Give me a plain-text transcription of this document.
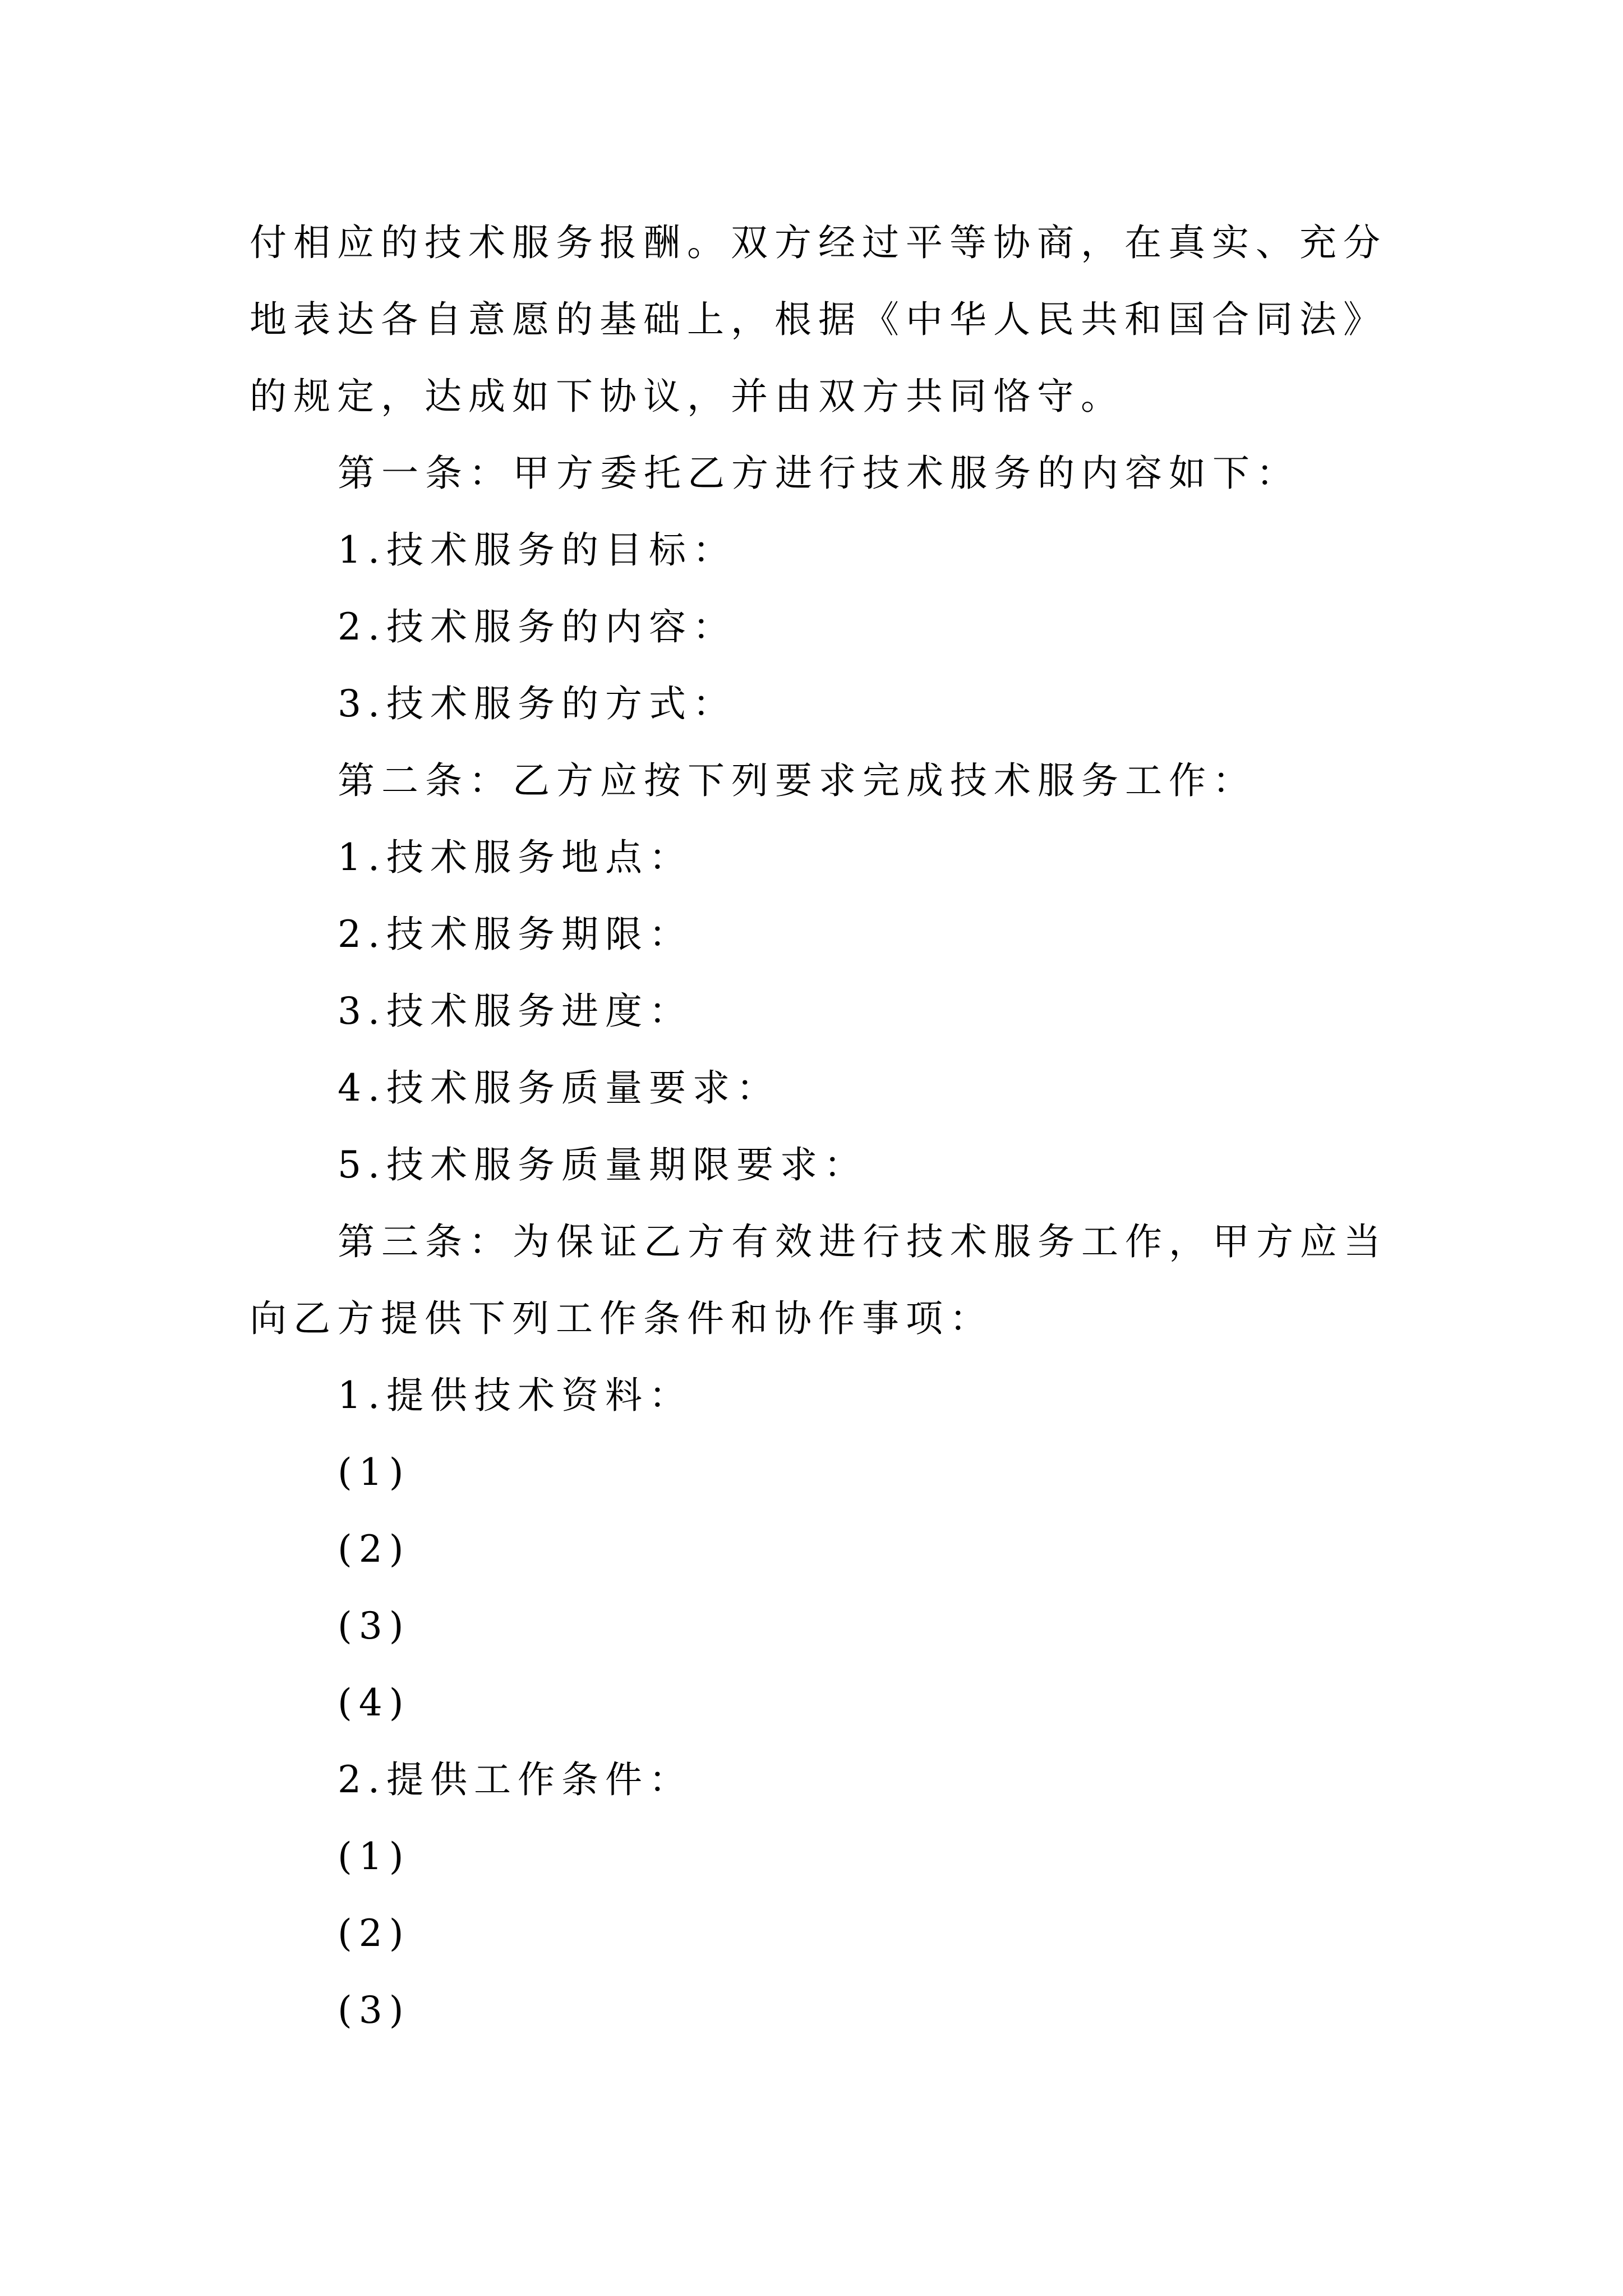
付相应的技术服务报酬。双方经过平等协商，在真实、充分
地表达各自意愿的基础上，根据《中华人民共和国合同法》
的规定，达成如下协议，并由双方共同恪守。
第一条：甲方委托乙方进行技术服务的内容如下：
1.技术服务的目标：
2.技术服务的内容：
3.技术服务的方式：
第二条：乙方应按下列要求完成技术服务工作：
1.技术服务地点：
2.技术服务期限：
3.技术服务进度：
4.技术服务质量要求：
5.技术服务质量期限要求：
第三条：为保证乙方有效进行技术服务工作，甲方应当
向乙方提供下列工作条件和协作事项：
1.提供技术资料：
(1)
(2)
(3)
(4)
2.提供工作条件：
(1)
(2)
(3)
